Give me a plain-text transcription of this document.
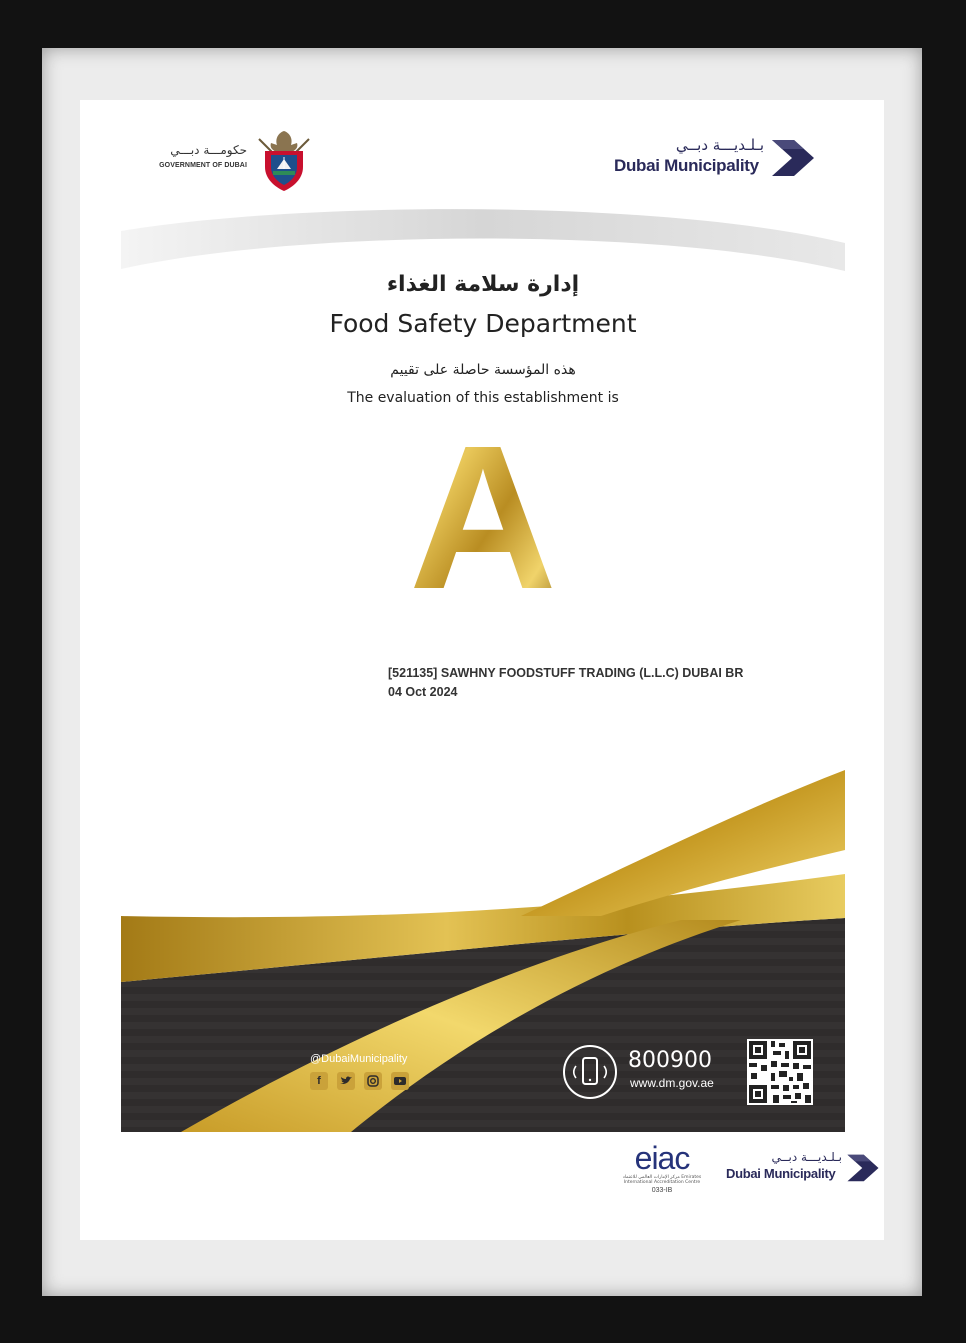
حكومـــة دبـــي
GOVERNMENT OF DUBAI
بـلـديـــة دبــي
Dubai Municipality
إدارة سلامة الغذاء
Food Safety Department
هذه المؤسسة حاصلة على تقييم
The evaluation of this establishment is
A
[521135] SAWHNY FOODSTUFF TRADING (L.L.C) DUBAI BR
04 Oct 2024
@DubaiMunicipality
f
800900
www.dm.gov.ae
eiac
مركز الإمارات العالمي للاعتماد Emirates International Accreditation Centre
033-IB
بـلـديـــة دبــي
Dubai Municipality
